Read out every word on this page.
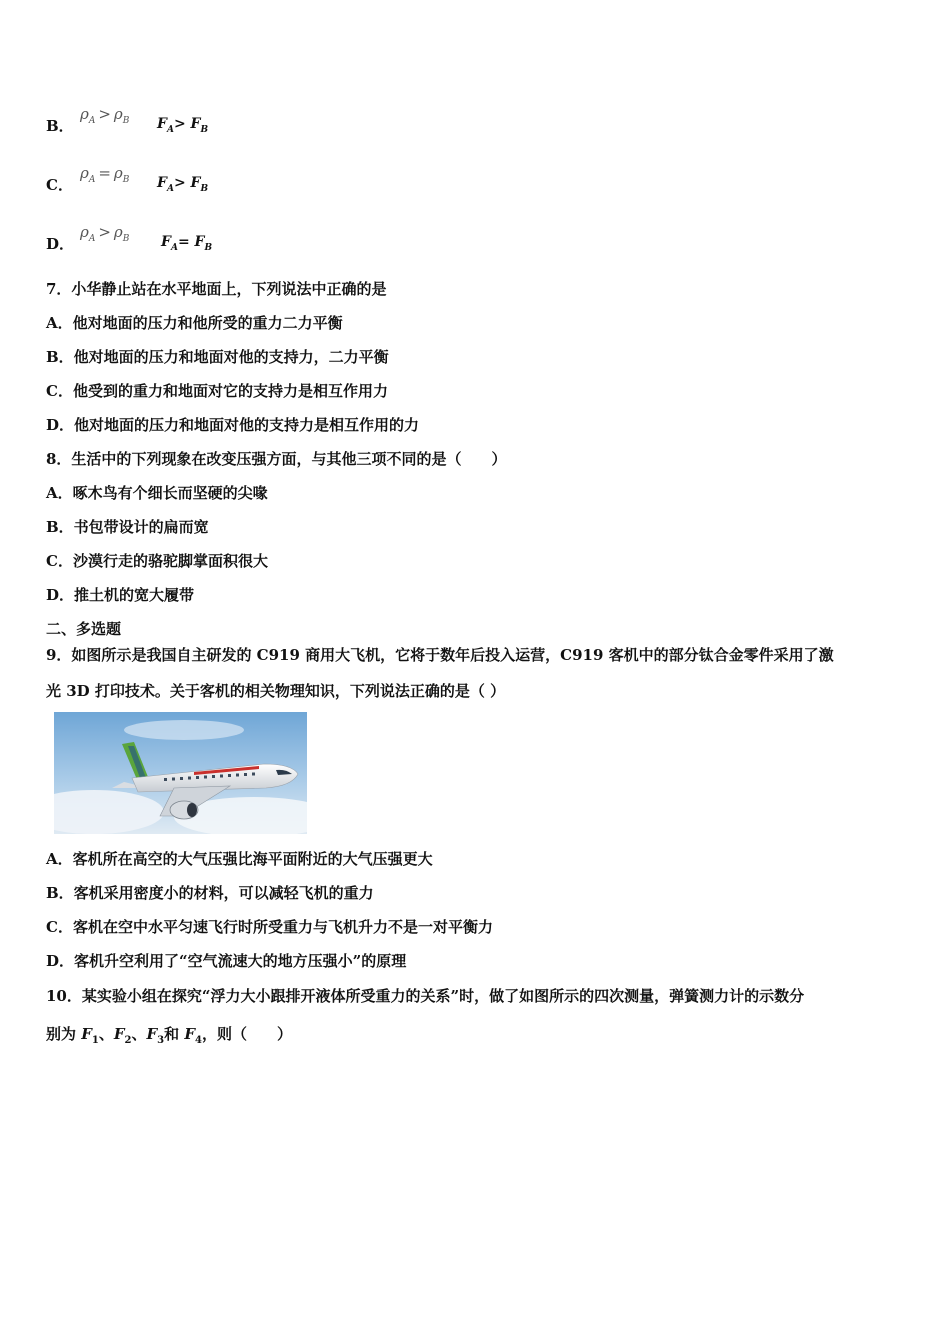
B．
$\rho_A > \rho_B$ $F_A> F_B$
C．
$\rho_A = \rho_B$ $F_A> F_B$
D．
$\rho_A > \rho_B$ $F_A= F_B$
7．小华静止站在水平地面上，下列说法中正确的是
A．他对地面的压力和他所受的重力二力平衡
B．他对地面的压力和地面对他的支持力，二力平衡
C．他受到的重力和地面对它的支持力是相互作用力
D．他对地面的压力和地面对他的支持力是相互作用的力
8．生活中的下列现象在改变压强方面，与其他三项不同的是（　　）
A．啄木鸟有个细长而坚硬的尖喙
B．书包带设计的扁而宽
C．沙漠行走的骆驼脚掌面积很大
D．推土机的宽大履带
二、多选题
9．如图所示是我国自主研发的 C919 商用大飞机，它将于数年后投入运营，C919 客机中的部分钛合金零件采用了激
光 3D 打印技术。关于客机的相关物理知识，下列说法正确的是（ ）
A．客机所在高空的大气压强比海平面附近的大气压强更大
B．客机采用密度小的材料，可以减轻飞机的重力
C．客机在空中水平匀速飞行时所受重力与飞机升力不是一对平衡力
D．客机升空利用了“空气流速大的地方压强小”的原理
10．某实验小组在探究“浮力大小跟排开液体所受重力的关系”时，做了如图所示的四次测量，弹簧测力计的示数分
别为 $F_1$、$F_2$、$F_3$和 $F_4$，则（　　）
